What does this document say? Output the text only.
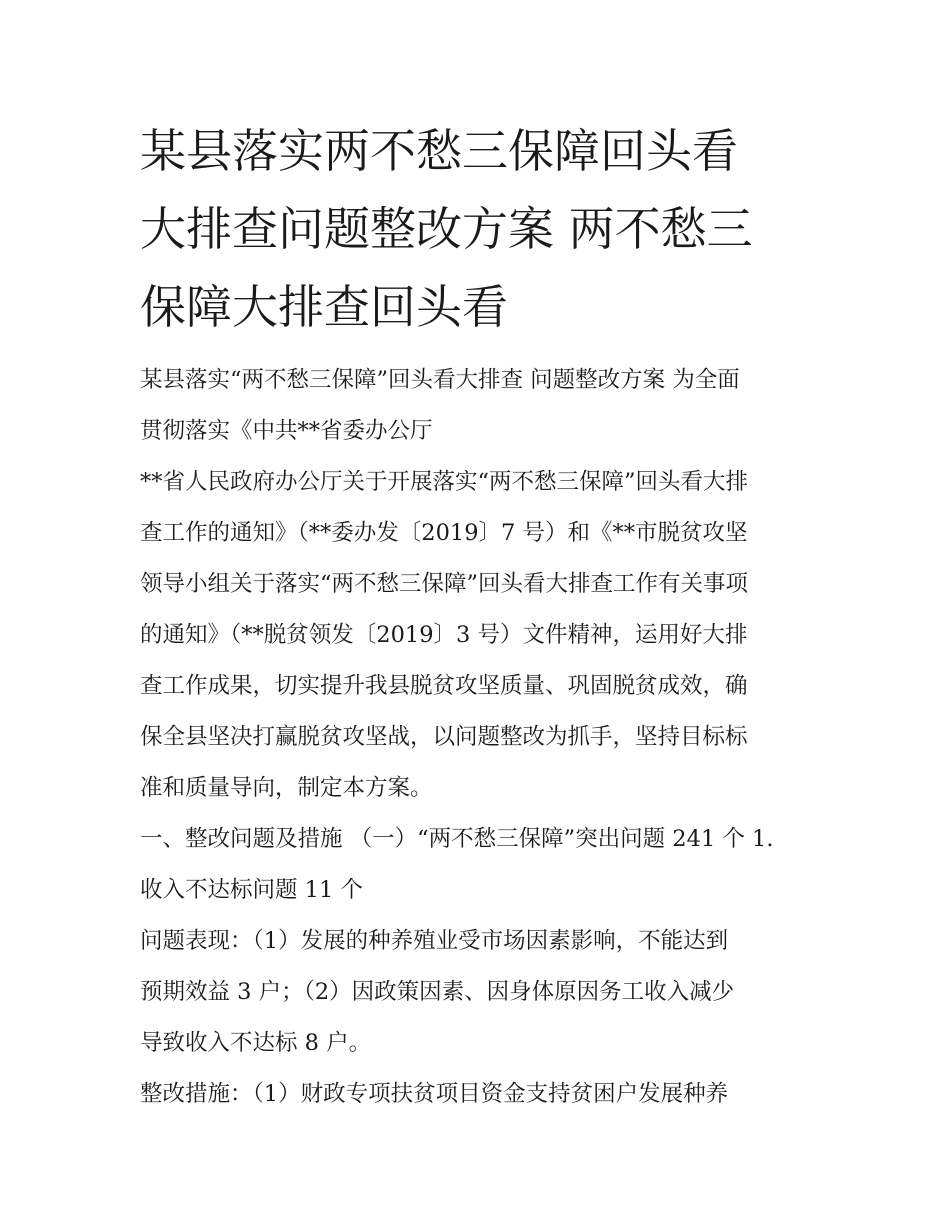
某县落实两不愁三保障回头看
大排查问题整改方案 两不愁三
保障大排查回头看

某县落实“两不愁三保障”回头看大排查 问题整改方案 为全面
贯彻落实《中共**省委办公厅

**省人民政府办公厅关于开展落实“两不愁三保障”回头看大排
查工作的通知》（**委办发〔2019〕7 号）和《**市脱贫攻坚
领导小组关于落实“两不愁三保障”回头看大排查工作有关事项
的通知》（**脱贫领发〔2019〕3 号）文件精神，运用好大排
查工作成果，切实提升我县脱贫攻坚质量、巩固脱贫成效，确
保全县坚决打赢脱贫攻坚战，以问题整改为抓手，坚持目标标
准和质量导向，制定本方案。

一、整改问题及措施 （一）“两不愁三保障”突出问题 241 个 1.
收入不达标问题 11 个

问题表现：（1）发展的种养殖业受市场因素影响，不能达到
预期效益 3 户；（2）因政策因素、因身体原因务工收入减少
导致收入不达标 8 户。

整改措施：（1）财政专项扶贫项目资金支持贫困户发展种养
